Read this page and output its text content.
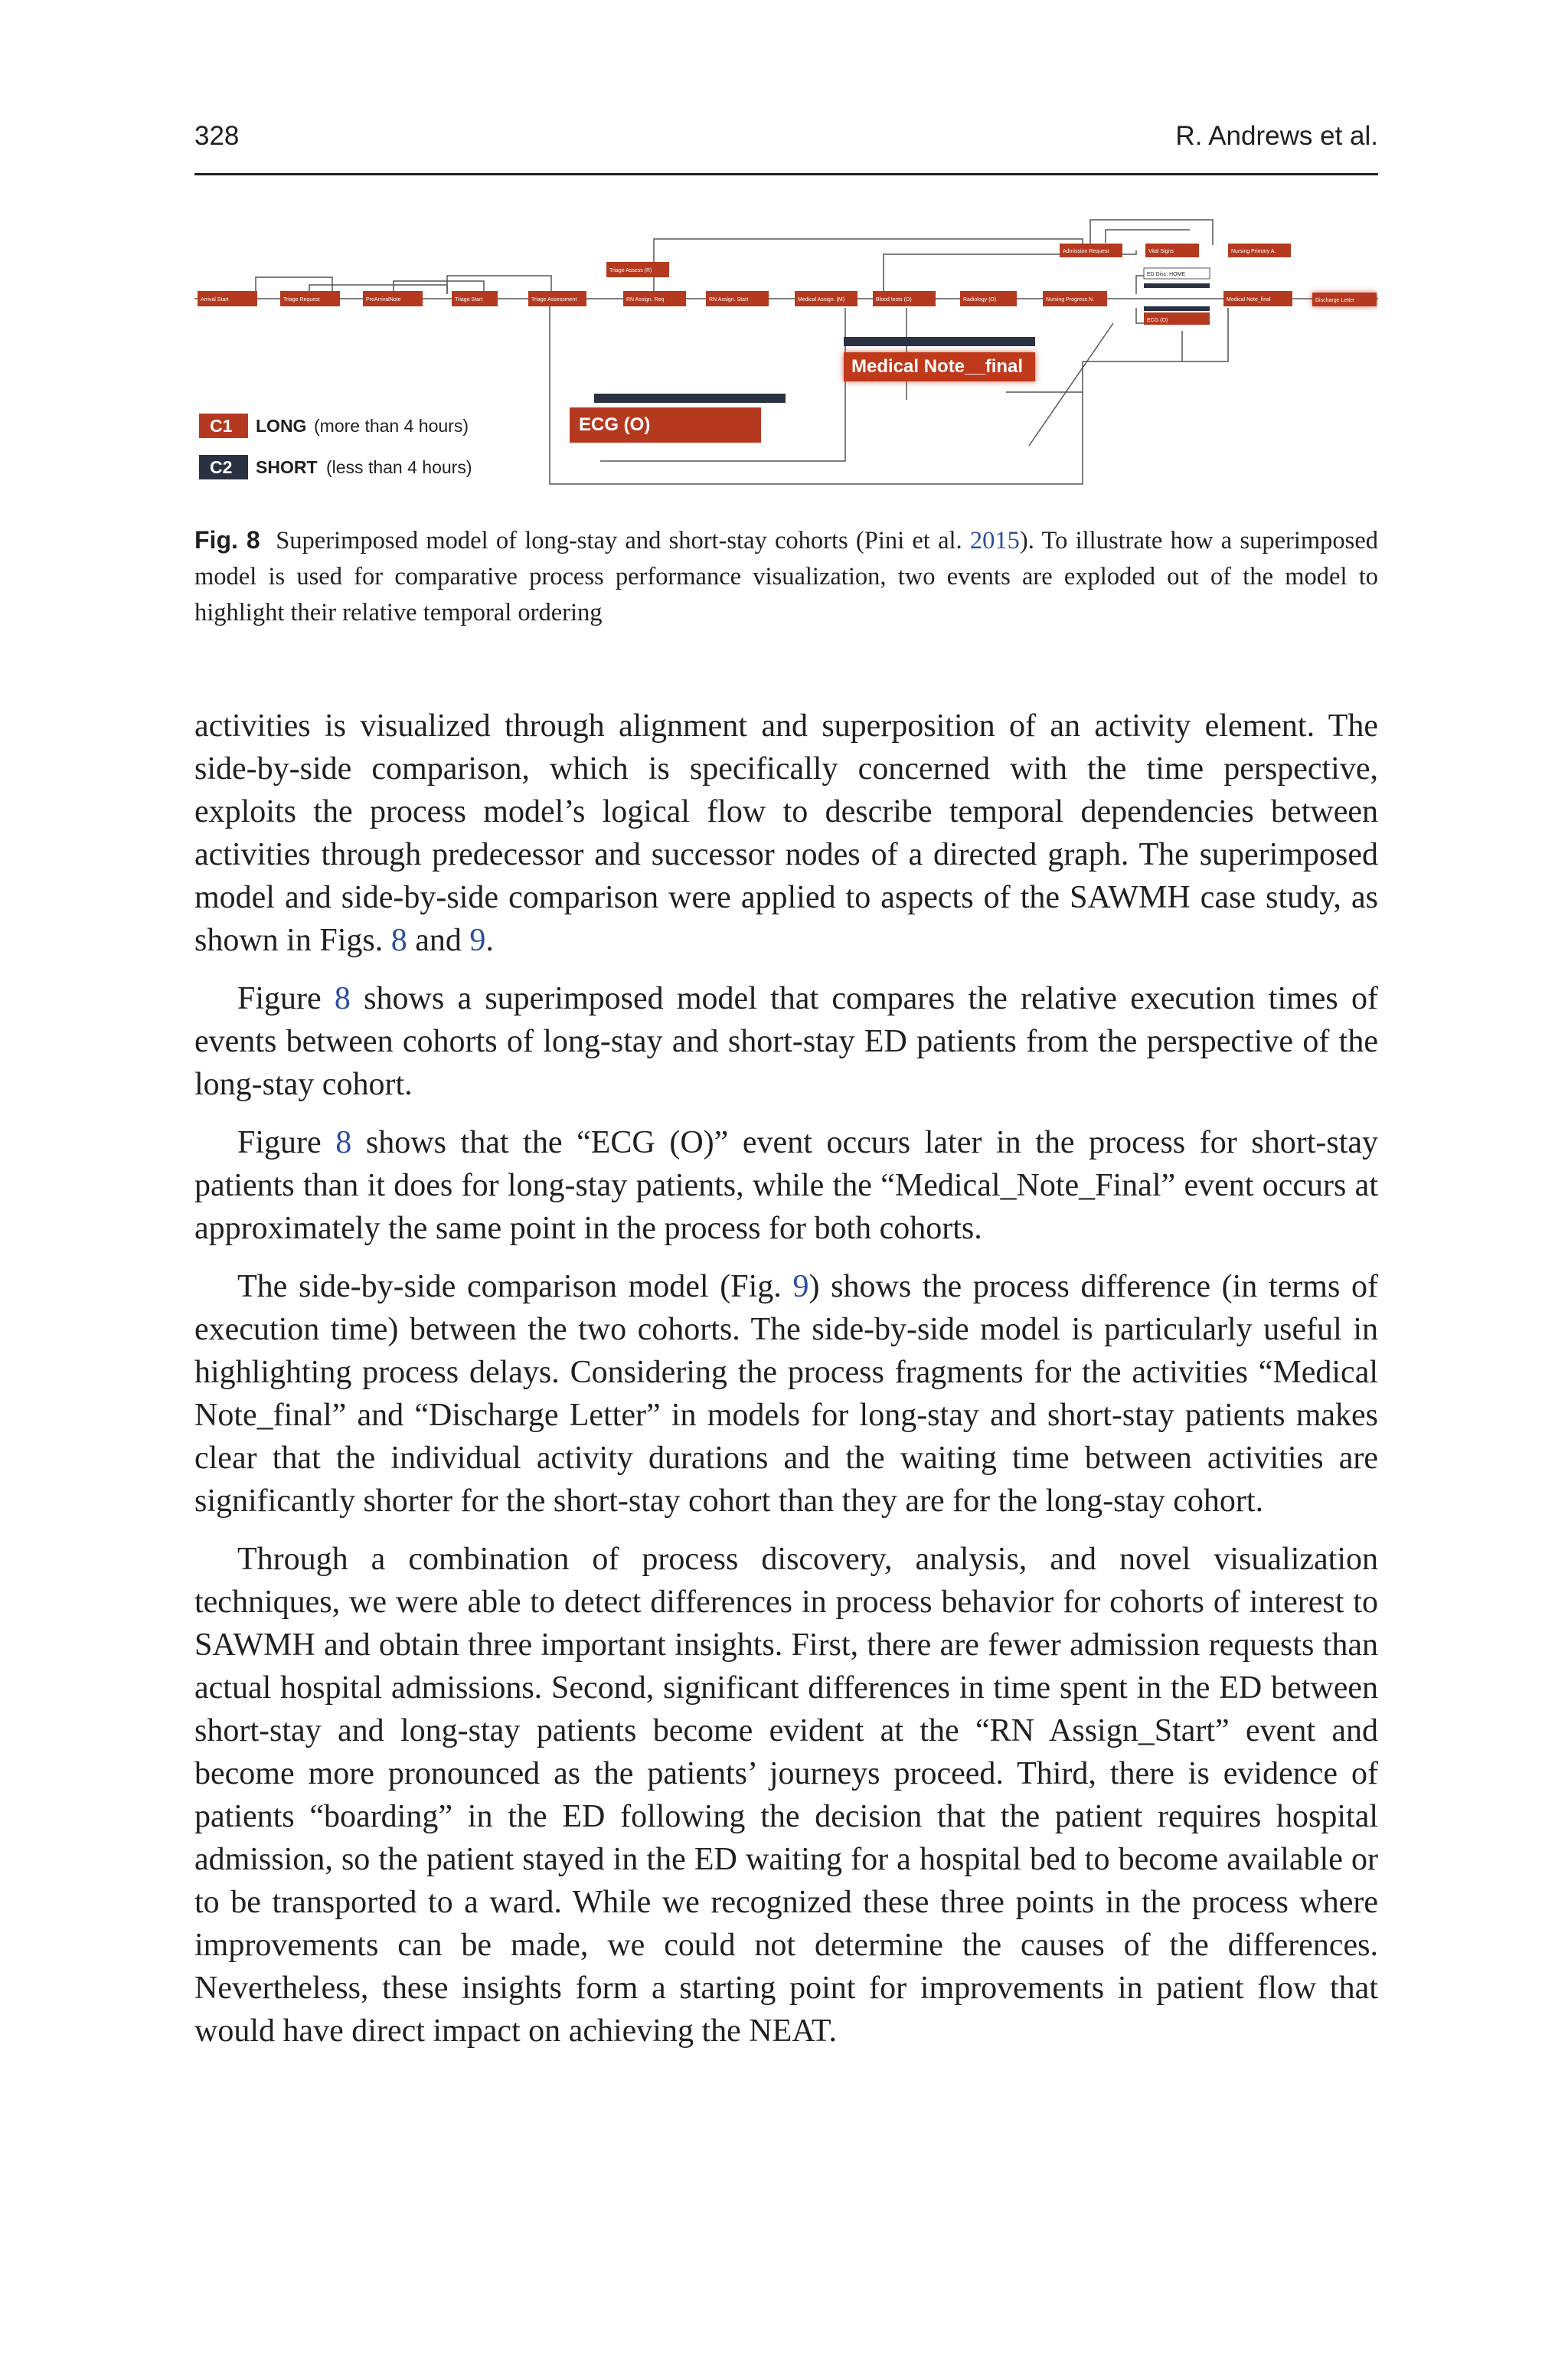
328	R. Andrews et al.
Arrival Start	Triage Request	PreArrivalNote	Triage Start	Triage Assessment
Triage Assess (R)
RN Assign. Req	RN Assign. Start	Medical Assign. (M)	Blood tests (O)	Radiology (O)	Nursing Progress N.
Admission Request	Vital Signs	Nursing Primary A.
ED Disc. HOME
ECG (O)
Medical Note_final	Discharge Letter
Medical Note__final
ECG (O)
C1 LONG (more than 4 hours)
C2 SHORT (less than 4 hours)
Fig. 8 Superimposed model of long-stay and short-stay cohorts (Pini et al. 2015). To illustrate how a superimposed model is used for comparative process performance visualization, two events are exploded out of the model to highlight their relative temporal ordering

activities is visualized through alignment and superposition of an activity element. The side-by-side comparison, which is specifically concerned with the time perspective, exploits the process model’s logical flow to describe temporal dependencies between activities through predecessor and successor nodes of a directed graph. The superimposed model and side-by-side comparison were applied to aspects of the SAWMH case study, as shown in Figs. 8 and 9.

Figure 8 shows a superimposed model that compares the relative execution times of events between cohorts of long-stay and short-stay ED patients from the perspective of the long-stay cohort.

Figure 8 shows that the “ECG (O)” event occurs later in the process for short-stay patients than it does for long-stay patients, while the “Medical_Note_Final” event occurs at approximately the same point in the process for both cohorts.

The side-by-side comparison model (Fig. 9) shows the process difference (in terms of execution time) between the two cohorts. The side-by-side model is particularly useful in highlighting process delays. Considering the process fragments for the activities “Medical Note_final” and “Discharge Letter” in models for long-stay and short-stay patients makes clear that the individual activity durations and the waiting time between activities are significantly shorter for the short-stay cohort than they are for the long-stay cohort.

Through a combination of process discovery, analysis, and novel visualization techniques, we were able to detect differences in process behavior for cohorts of interest to SAWMH and obtain three important insights. First, there are fewer admission requests than actual hospital admissions. Second, significant differences in time spent in the ED between short-stay and long-stay patients become evident at the “RN Assign_Start” event and become more pronounced as the patients’ journeys proceed. Third, there is evidence of patients “boarding” in the ED following the decision that the patient requires hospital admission, so the patient stayed in the ED waiting for a hospital bed to become available or to be transported to a ward. While we recognized these three points in the process where improvements can be made, we could not determine the causes of the differences. Nevertheless, these insights form a starting point for improvements in patient flow that would have direct impact on achieving the NEAT.
